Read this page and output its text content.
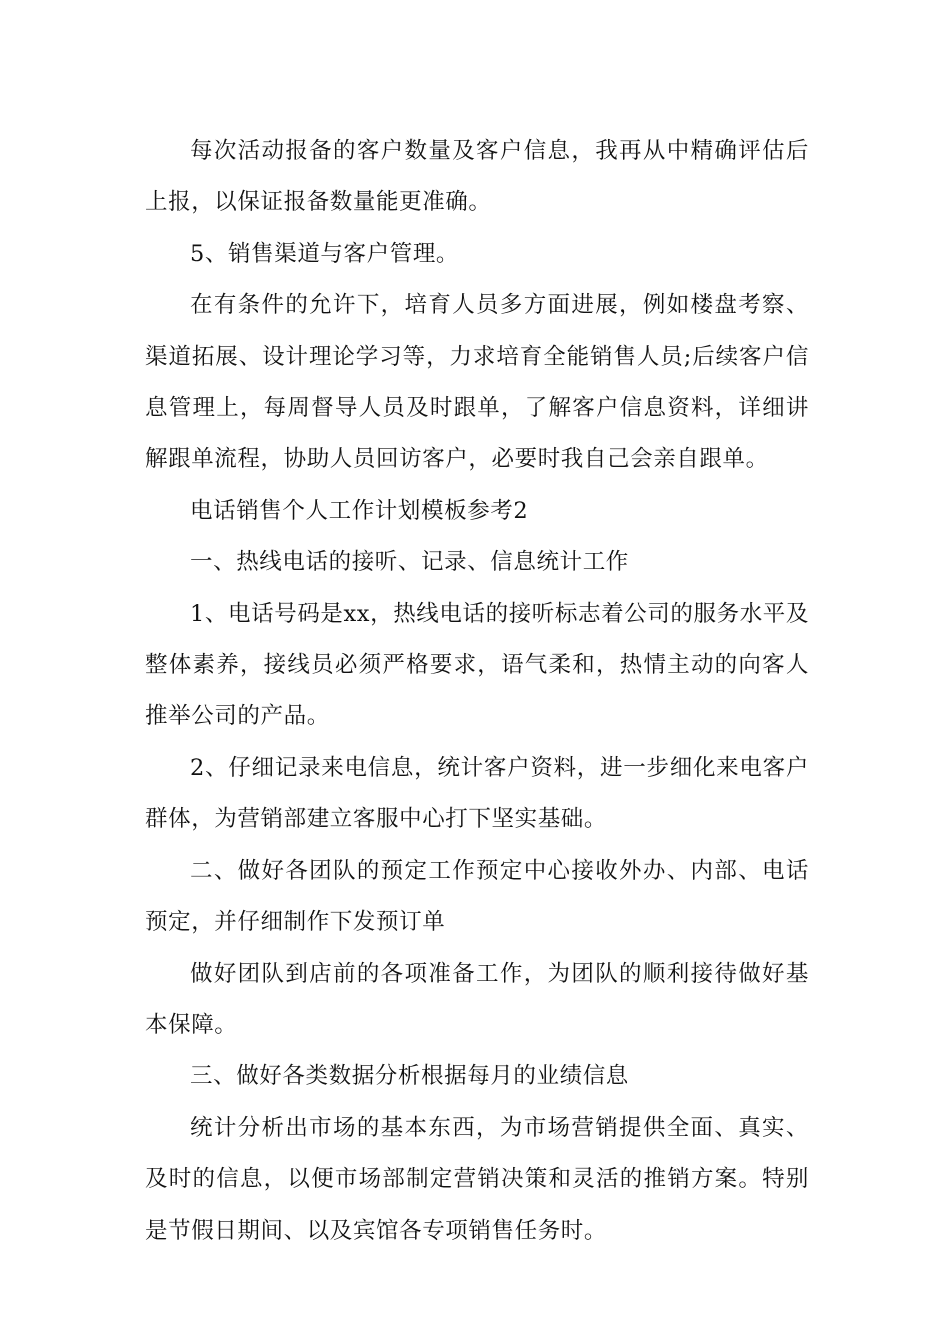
每次活动报备的客户数量及客户信息，我再从中精确评估后上报，以保证报备数量能更准确。

5、销售渠道与客户管理。

在有条件的允许下，培育人员多方面进展，例如楼盘考察、渠道拓展、设计理论学习等，力求培育全能销售人员;后续客户信息管理上，每周督导人员及时跟单，了解客户信息资料，详细讲解跟单流程，协助人员回访客户，必要时我自己会亲自跟单。

电话销售个人工作计划模板参考2

一、热线电话的接听、记录、信息统计工作

1、电话号码是xx，热线电话的接听标志着公司的服务水平及整体素养，接线员必须严格要求，语气柔和，热情主动的向客人推举公司的产品。

2、仔细记录来电信息，统计客户资料，进一步细化来电客户群体，为营销部建立客服中心打下坚实基础。

二、做好各团队的预定工作预定中心接收外办、内部、电话预定，并仔细制作下发预订单

做好团队到店前的各项准备工作，为团队的顺利接待做好基本保障。

三、做好各类数据分析根据每月的业绩信息

统计分析出市场的基本东西，为市场营销提供全面、真实、及时的信息，以便市场部制定营销决策和灵活的推销方案。特别是节假日期间、以及宾馆各专项销售任务时。
